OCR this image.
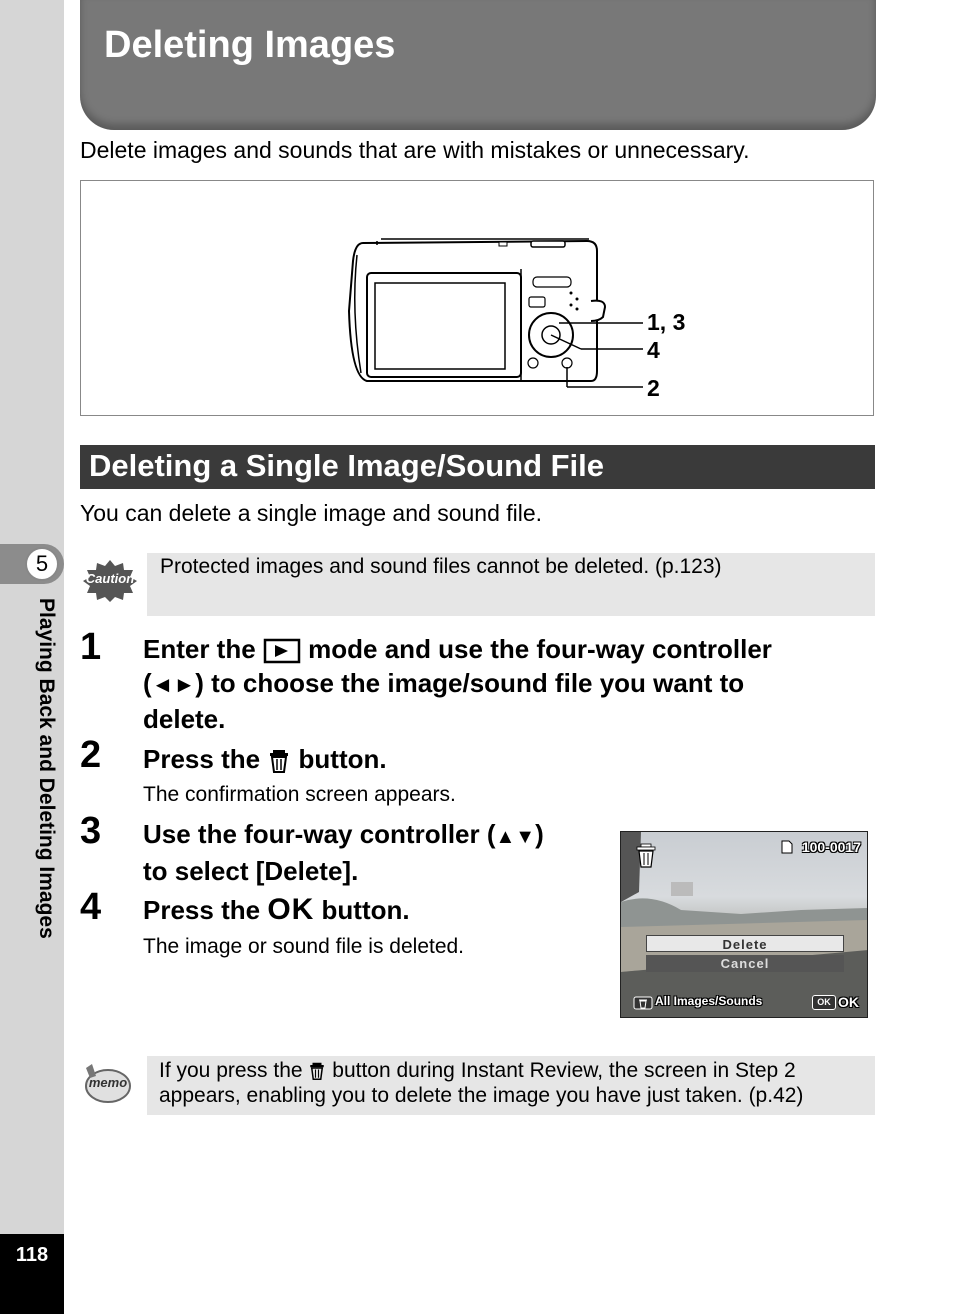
5
Playing Back and Deleting Images
118
Deleting Images
Delete images and sounds that are with mistakes or unnecessary.
1, 3
4
2
Deleting a Single Image/Sound File
You can delete a single image and sound file.
Caution
Protected images and sound files cannot be deleted. (p.123)
1 Enter the mode and use the four-way controller
(◄►) to choose the image/sound file you want to
delete.
2 Press the button.
The confirmation screen appears.
3 Use the four-way controller (▲▼)
to select [Delete].
4 Press the OK button.
The image or sound file is deleted.
100-0017
Delete
Cancel
All Images/Sounds	OK OK
memo
If you press the button during Instant Review, the screen in Step 2
appears, enabling you to delete the image you have just taken. (p.42)
